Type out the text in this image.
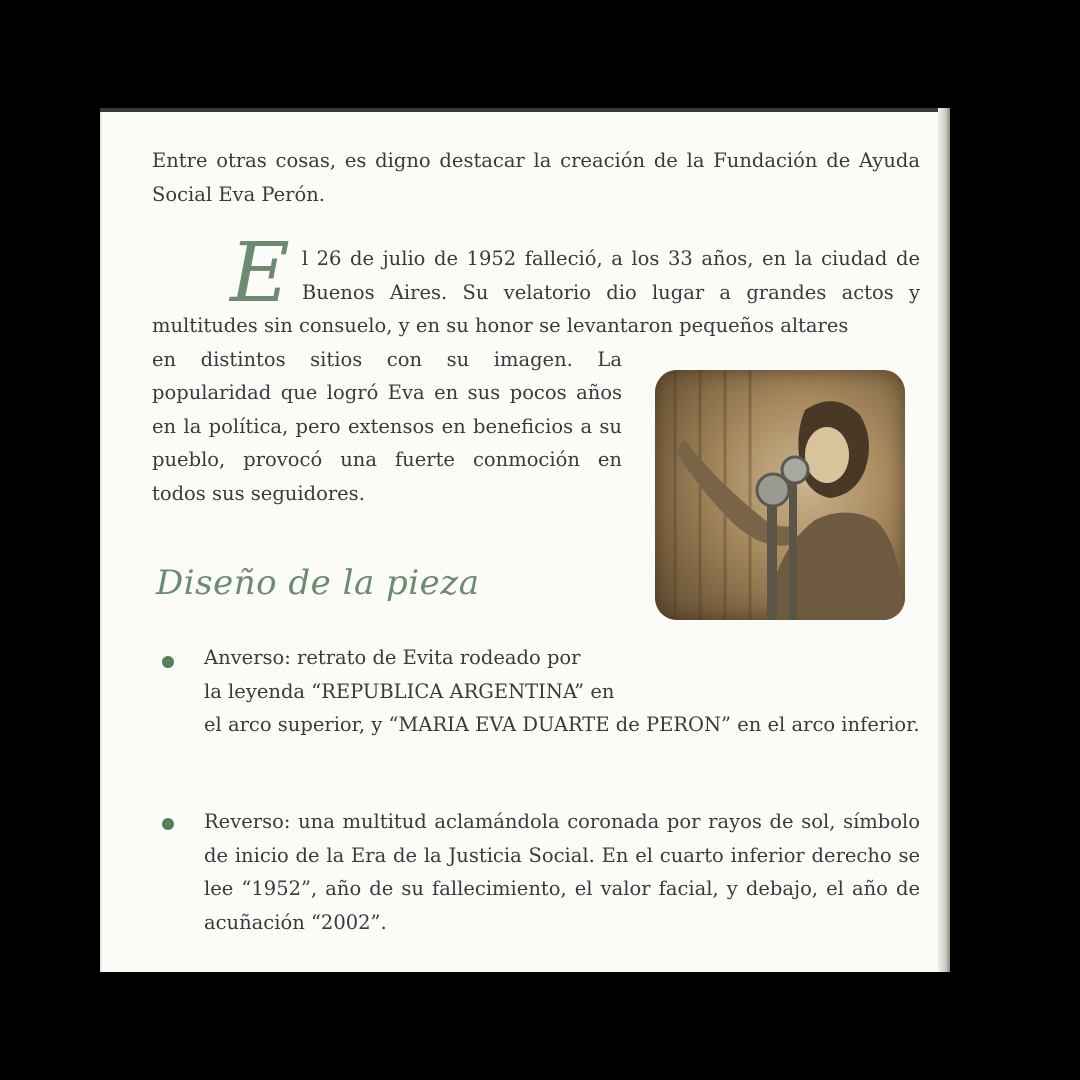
Entre otras cosas, es digno destacar la creación de la Fundación de Ayuda Social Eva Perón.
E l 26 de julio de 1952 falleció, a los 33 años, en la ciudad de Buenos Aires. Su velatorio dio lugar a grandes actos y multitudes sin consuelo, y en su honor se levantaron pequeños altares
en distintos sitios con su imagen. La popularidad que logró Eva en sus pocos años en la política, pero extensos en beneficios a su pueblo, provocó una fuerte conmoción en todos sus seguidores.
Diseño de la pieza
Anverso: retrato de Evita rodeado por
la leyenda “REPUBLICA ARGENTINA” en
el arco superior, y “MARIA EVA DUARTE de PERON” en el arco inferior.
Reverso: una multitud aclamándola coronada por rayos de sol, símbolo de inicio de la Era de la Justicia Social. En el cuarto inferior derecho se lee “1952”, año de su fallecimiento, el valor facial, y debajo, el año de acuñación “2002”.
